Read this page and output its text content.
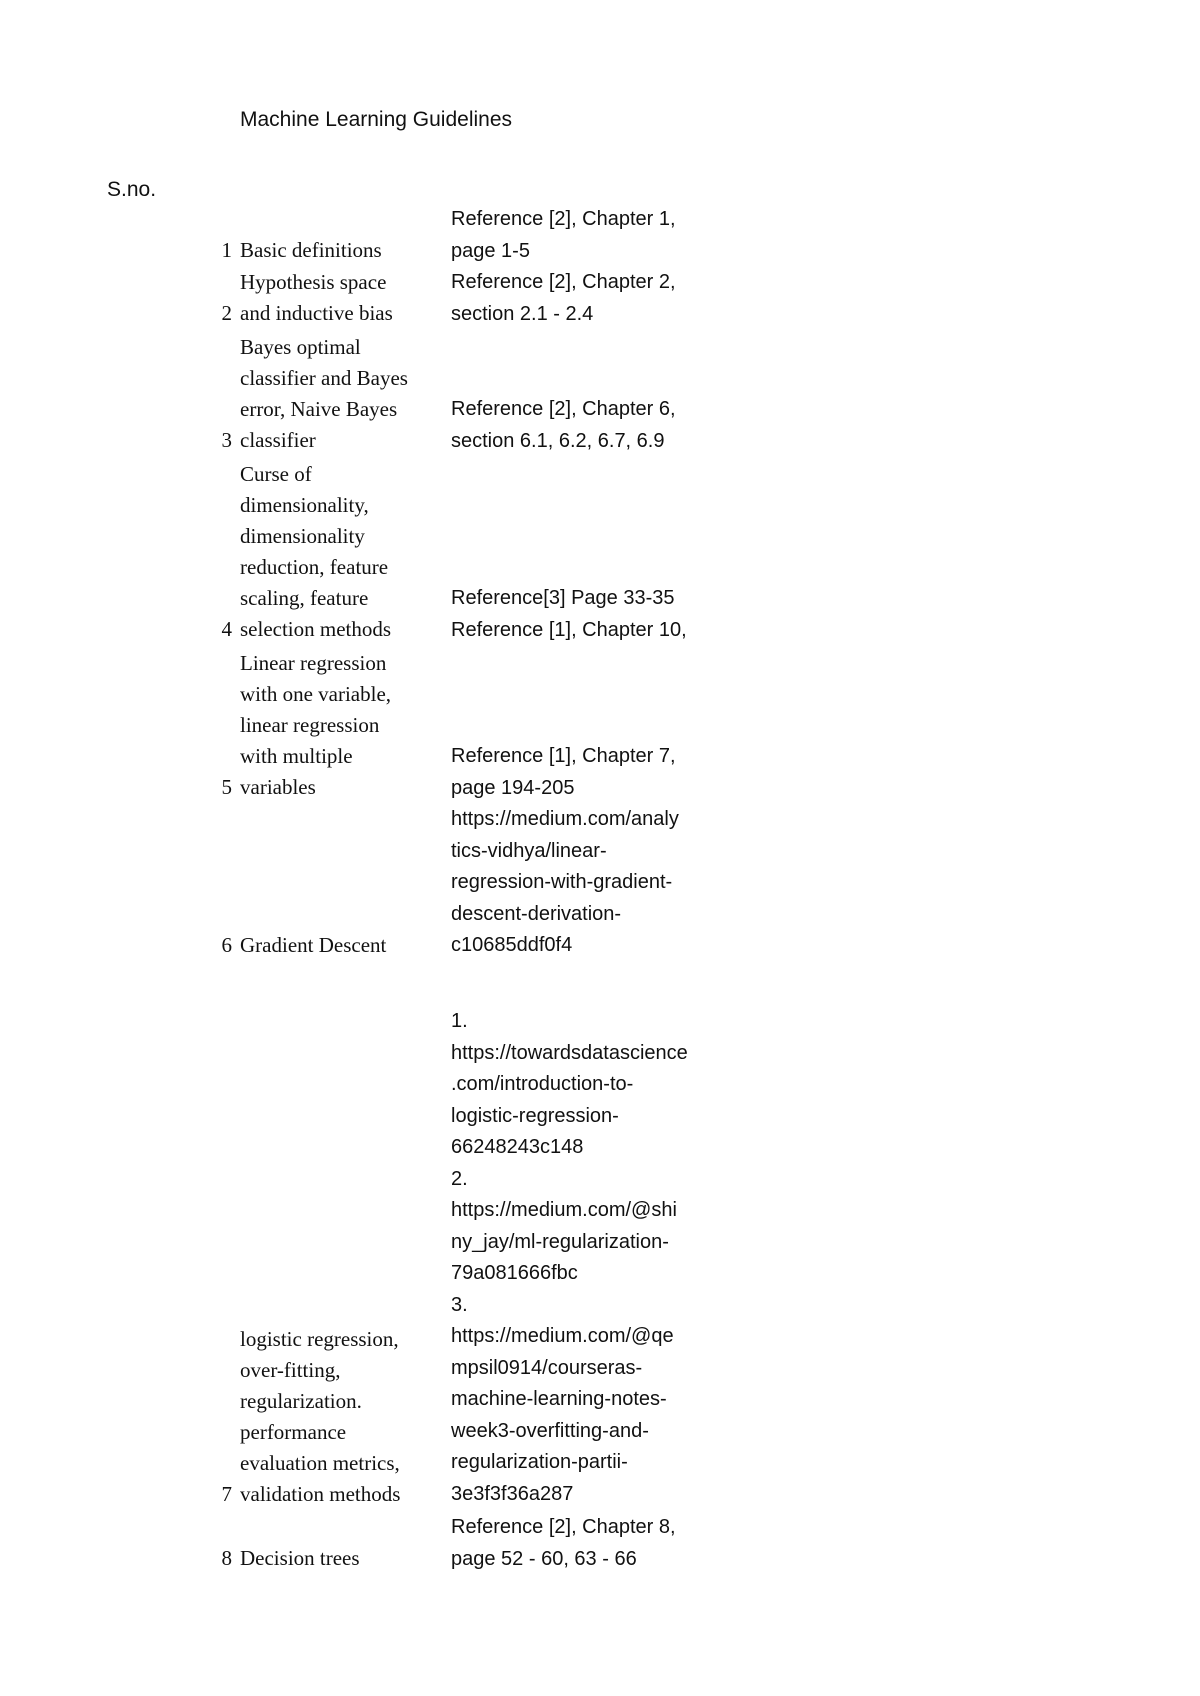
Machine Learning Guidelines
S.no.
1 Basic definitions
Reference [2], Chapter 1,
page 1-5
2
Hypothesis space
and inductive bias
Reference [2], Chapter 2,
section 2.1 - 2.4
3
Bayes optimal
classifier and Bayes
error, Naive Bayes
classifier
Reference [2], Chapter 6,
section 6.1, 6.2, 6.7, 6.9
4
Curse of
dimensionality,
dimensionality
reduction, feature
scaling, feature
selection methods
Reference[3] Page 33-35
Reference [1], Chapter 10,
5
Linear regression
with one variable,
linear regression
with multiple
variables
Reference [1], Chapter 7,
page 194-205
6 Gradient Descent
https://medium.com/analy
tics-vidhya/linear-
regression-with-gradient-
descent-derivation-
c10685ddf0f4
7
logistic regression,
over-fitting,
regularization.
performance
evaluation metrics,
validation methods
1.
https://towardsdatascience
.com/introduction-to-
logistic-regression-
66248243c148
2.
https://medium.com/@shi
ny_jay/ml-regularization-
79a081666fbc
3.
https://medium.com/@qe
mpsil0914/courseras-
machine-learning-notes-
week3-overfitting-and-
regularization-partii-
3e3f3f36a287
8 Decision trees
Reference [2], Chapter 8,
page 52 - 60, 63 - 66
